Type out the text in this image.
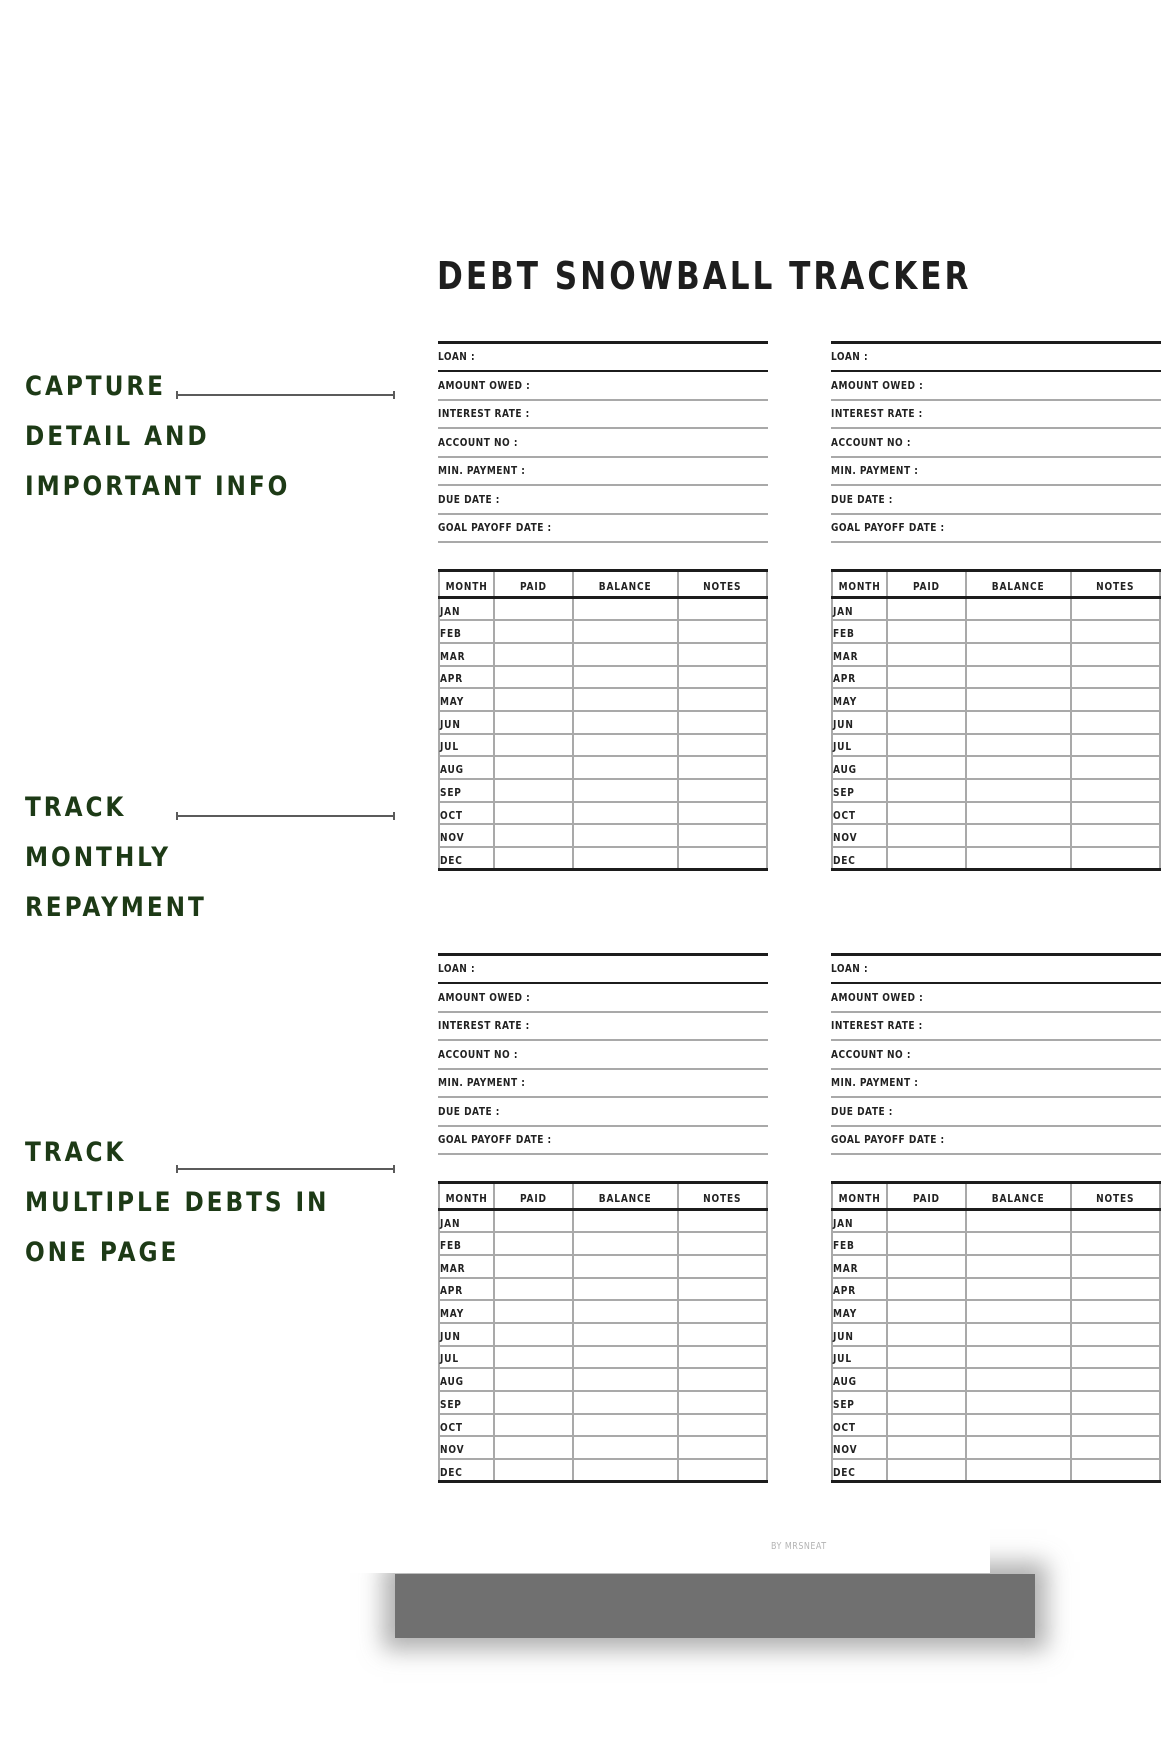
DEBT SNOWBALL TRACKER
CAPTURE
DETAIL AND
IMPORTANT INFO
TRACK
MONTHLY
REPAYMENT
TRACK
MULTIPLE DEBTS IN
ONE PAGE
LOAN :
AMOUNT OWED :
INTEREST RATE :
ACCOUNT NO :
MIN. PAYMENT :
DUE DATE :
GOAL PAYOFF DATE :
MONTH	PAID	BALANCE	NOTES
JAN			
FEB			
MAR			
APR			
MAY			
JUN			
JUL			
AUG			
SEP			
OCT			
NOV			
DEC			
LOAN :
AMOUNT OWED :
INTEREST RATE :
ACCOUNT NO :
MIN. PAYMENT :
DUE DATE :
GOAL PAYOFF DATE :
MONTH	PAID	BALANCE	NOTES
JAN			
FEB			
MAR			
APR			
MAY			
JUN			
JUL			
AUG			
SEP			
OCT			
NOV			
DEC			
LOAN :
AMOUNT OWED :
INTEREST RATE :
ACCOUNT NO :
MIN. PAYMENT :
DUE DATE :
GOAL PAYOFF DATE :
MONTH	PAID	BALANCE	NOTES
JAN			
FEB			
MAR			
APR			
MAY			
JUN			
JUL			
AUG			
SEP			
OCT			
NOV			
DEC			
LOAN :
AMOUNT OWED :
INTEREST RATE :
ACCOUNT NO :
MIN. PAYMENT :
DUE DATE :
GOAL PAYOFF DATE :
MONTH	PAID	BALANCE	NOTES
JAN			
FEB			
MAR			
APR			
MAY			
JUN			
JUL			
AUG			
SEP			
OCT			
NOV			
DEC			
BY MRSNEAT
